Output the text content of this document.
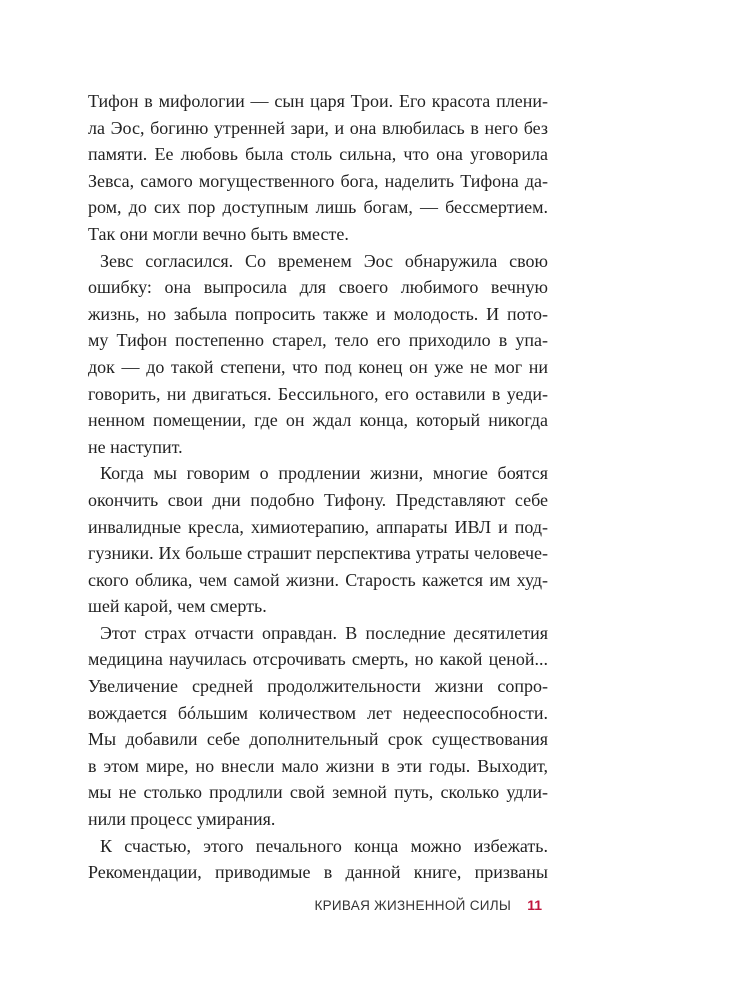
Тифон в мифологии — сын царя Трои. Его красота плени-
ла Эос, богиню утренней зари, и она влюбилась в него без
памяти. Ее любовь была столь сильна, что она уговорила
Зевса, самого могущественного бога, наделить Тифона да-
ром, до сих пор доступным лишь богам, — бессмертием.
Так они могли вечно быть вместе.
Зевс согласился. Со временем Эос обнаружила свою
ошибку: она выпросила для своего любимого вечную
жизнь, но забыла попросить также и молодость. И пото-
му Тифон постепенно старел, тело его приходило в упа-
док — до такой степени, что под конец он уже не мог ни
говорить, ни двигаться. Бессильного, его оставили в уеди-
ненном помещении, где он ждал конца, который никогда
не наступит.
Когда мы говорим о продлении жизни, многие боятся
окончить свои дни подобно Тифону. Представляют себе
инвалидные кресла, химиотерапию, аппараты ИВЛ и под-
гузники. Их больше страшит перспектива утраты человече-
ского облика, чем самой жизни. Старость кажется им худ-
шей карой, чем смерть.
Этот страх отчасти оправдан. В последние десятилетия
медицина научилась отсрочивать смерть, но какой ценой...
Увеличение средней продолжительности жизни сопро-
вождается бóльшим количеством лет недееспособности.
Мы добавили себе дополнительный срок существования
в этом мире, но внесли мало жизни в эти годы. Выходит,
мы не столько продлили свой земной путь, сколько удли-
нили процесс умирания.
К счастью, этого печального конца можно избежать.
Рекомендации, приводимые в данной книге, призваны
КРИВАЯ ЖИЗНЕННОЙ СИЛЫ 11
